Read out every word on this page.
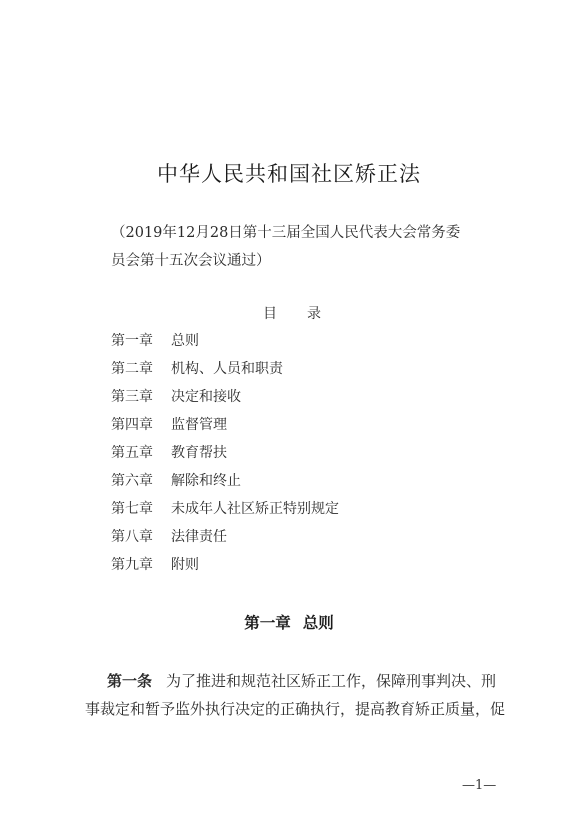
中华人民共和国社区矫正法
（2019年12月28日第十三届全国人民代表大会常务委
员会第十五次会议通过）
目 录
第一章 总则
第二章 机构、人员和职责
第三章 决定和接收
第四章 监督管理
第五章 教育帮扶
第六章 解除和终止
第七章 未成年人社区矫正特别规定
第八章 法律责任
第九章 附则
第一章 总则
第一条 为了推进和规范社区矫正工作，保障刑事判决、刑
事裁定和暂予监外执行决定的正确执行，提高教育矫正质量，促
—1—
